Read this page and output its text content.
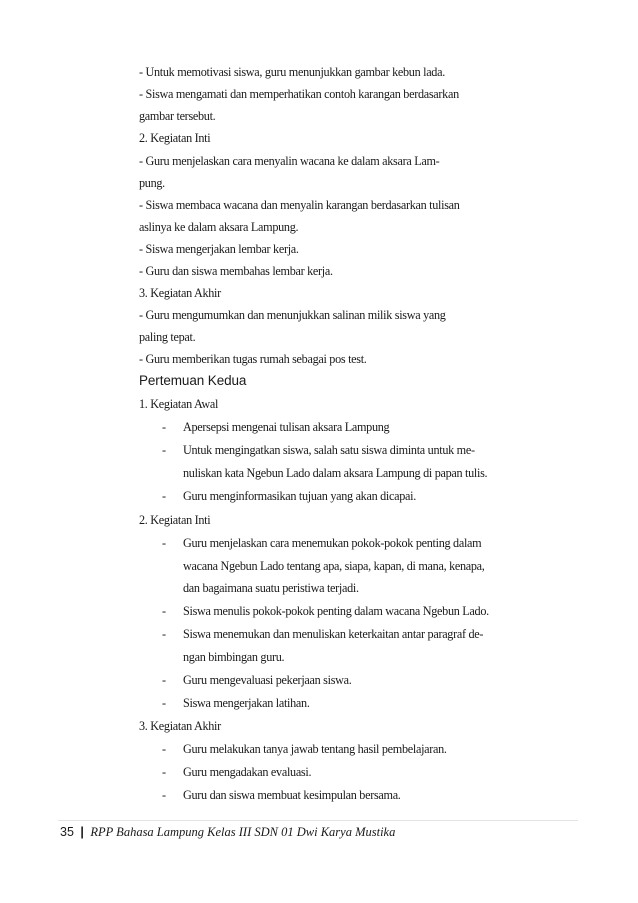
- Untuk memotivasi siswa, guru menunjukkan gambar kebun lada.
- Siswa mengamati dan memperhatikan contoh karangan berdasarkan
gambar tersebut.
2. Kegiatan Inti
- Guru menjelaskan cara menyalin wacana ke dalam aksara Lam-
pung.
- Siswa membaca wacana dan menyalin karangan berdasarkan tulisan
aslinya ke dalam aksara Lampung.
- Siswa mengerjakan lembar kerja.
- Guru dan siswa membahas lembar kerja.
3. Kegiatan Akhir
- Guru mengumumkan dan menunjukkan salinan milik siswa yang
paling tepat.
- Guru memberikan tugas rumah sebagai pos test.
Pertemuan Kedua
1. Kegiatan Awal
- Apersepsi mengenai tulisan aksara Lampung
- Untuk mengingatkan siswa, salah satu siswa diminta untuk me-
nuliskan kata Ngebun Lado dalam aksara Lampung di papan tulis.
- Guru menginformasikan tujuan yang akan dicapai.
2. Kegiatan Inti
- Guru menjelaskan cara menemukan pokok-pokok penting dalam
wacana Ngebun Lado tentang apa, siapa, kapan, di mana, kenapa,
dan bagaimana suatu peristiwa terjadi.
- Siswa menulis pokok-pokok penting dalam wacana Ngebun Lado.
- Siswa menemukan dan menuliskan keterkaitan antar paragraf de-
ngan bimbingan guru.
- Guru mengevaluasi pekerjaan siswa.
- Siswa mengerjakan latihan.
3. Kegiatan Akhir
- Guru melakukan tanya jawab tentang hasil pembelajaran.
- Guru mengadakan evaluasi.
- Guru dan siswa membuat kesimpulan bersama.
35 | RPP Bahasa Lampung Kelas III SDN 01 Dwi Karya Mustika
